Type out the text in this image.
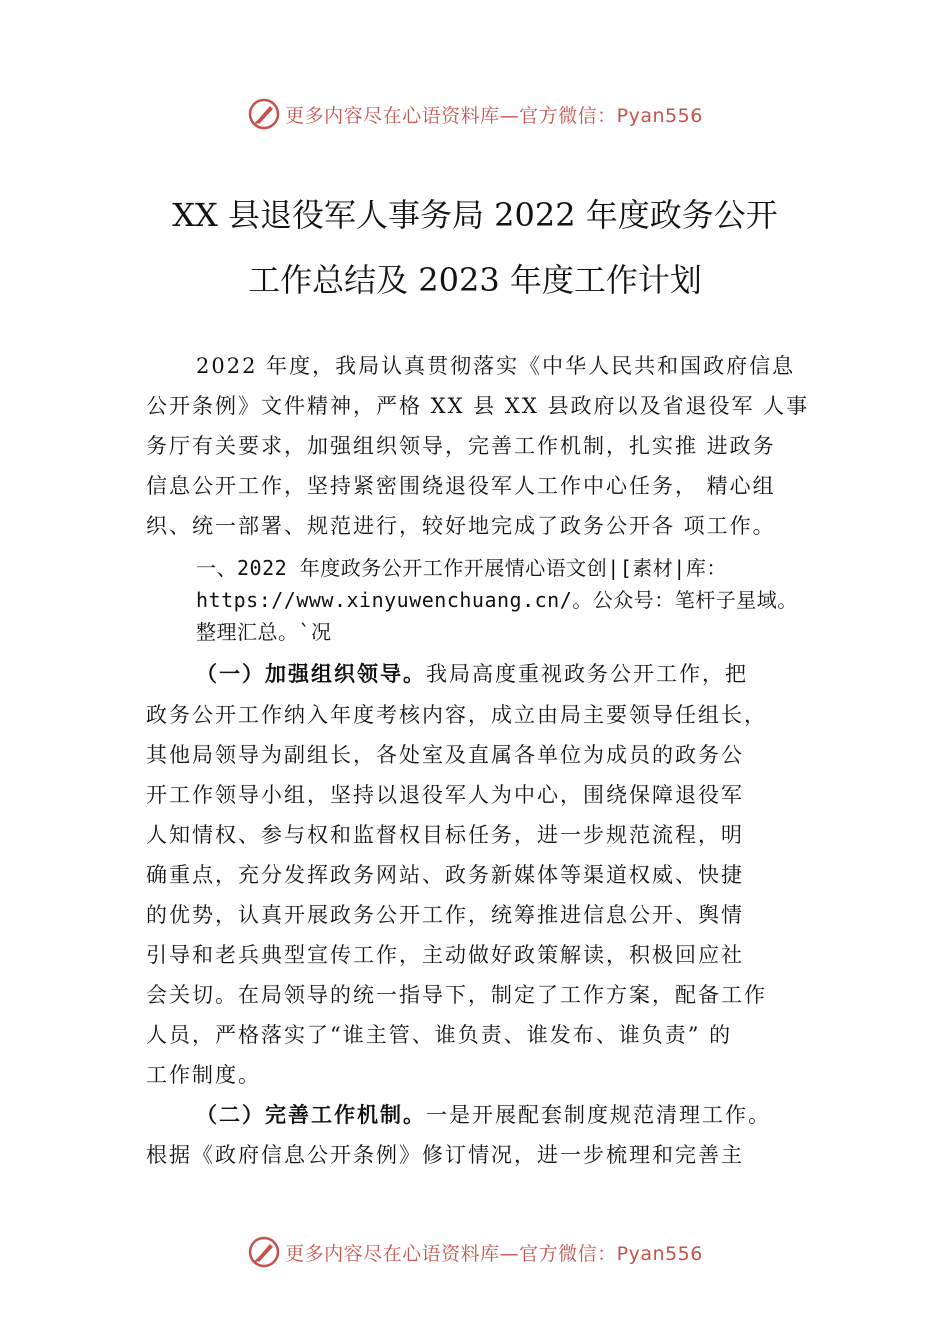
更多内容尽在心语资料库—官方微信：Pyan556
XX 县退役军人事务局 2022 年度政务公开
工作总结及 2023 年度工作计划
2022 年度，我局认真贯彻落实《中华人民共和国政府信息
公开条例》文件精神，严格 XX 县 XX 县政府以及省退役军 人事
务厅有关要求，加强组织领导，完善工作机制，扎实推 进政务
信息公开工作，坚持紧密围绕退役军人工作中心任务， 精心组
织、统一部署、规范进行，较好地完成了政务公开各 项工作。
一、2022 年度政务公开工作开展情心语文创|[素材|库：
https://www.xinyuwenchuang.cn/。公众号：笔杆子星域。
整理汇总。`况
（一）加强组织领导。我局高度重视政务公开工作，把
政务公开工作纳入年度考核内容，成立由局主要领导任组长，
其他局领导为副组长，各处室及直属各单位为成员的政务公
开工作领导小组，坚持以退役军人为中心，围绕保障退役军
人知情权、参与权和监督权目标任务，进一步规范流程，明
确重点，充分发挥政务网站、政务新媒体等渠道权威、快捷
的优势，认真开展政务公开工作，统筹推进信息公开、舆情
引导和老兵典型宣传工作，主动做好政策解读，积极回应社
会关切。在局领导的统一指导下，制定了工作方案，配备工作
人员，严格落实了“谁主管、谁负责、谁发布、谁负责” 的
工作制度。
（二）完善工作机制。一是开展配套制度规范清理工作。
根据《政府信息公开条例》修订情况，进一步梳理和完善主
更多内容尽在心语资料库—官方微信：Pyan556
